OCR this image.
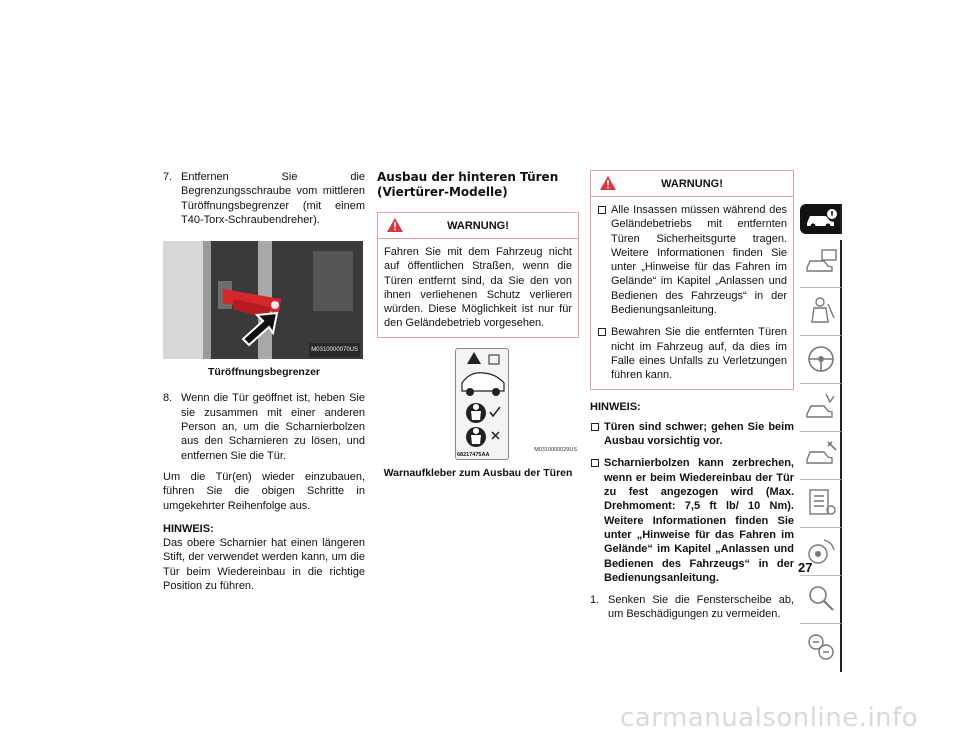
7. Entfernen Sie die Begrenzungsschraube vom mittleren Türöffnungsbegrenzer (mit einem T40-Torx-Schraubendreher).
M0310000070US
Türöffnungsbegrenzer
8. Wenn die Tür geöffnet ist, heben Sie sie zusammen mit einer anderen Person an, um die Scharnierbolzen aus den Scharnieren zu lösen, und entfernen Sie die Tür.

Um die Tür(en) wieder einzubauen, führen Sie die obigen Schritte in umgekehrter Reihenfolge aus.

HINWEIS:

Das obere Scharnier hat einen längeren Stift, der verwendet werden kann, um die Tür beim Wiedereinbau in die richtige Position zu führen.

Ausbau der hinteren Türen
(Viertürer-Modelle)
WARNUNG!
Fahren Sie mit dem Fahrzeug nicht auf öffentlichen Straßen, wenn die Türen entfernt sind, da Sie den von ihnen verliehenen Schutz verlieren würden. Diese Möglichkeit ist nur für den Geländebetrieb vorgesehen.
68217475AA
M0310000029US
Warnaufkleber zum Ausbau der Türen
WARNUNG!
Alle Insassen müssen während des Geländebetriebs mit entfernten Türen Sicherheitsgurte tragen. Weitere Informationen finden Sie unter „Hinweise für das Fahren im Gelände“ im Kapitel „Anlassen und Bedienen des Fahrzeugs“ in der Bedienungsanleitung.
Bewahren Sie die entfernten Türen nicht im Fahrzeug auf, da dies im Falle eines Unfalls zu Verletzungen führen kann.
HINWEIS:
Türen sind schwer; gehen Sie beim Ausbau vorsichtig vor.
Scharnierbolzen kann zerbrechen, wenn er beim Wiedereinbau der Tür zu fest angezogen wird (Max. Drehmoment: 7,5 ft lb/ 10 Nm). Weitere Informationen finden Sie unter „Hinweise für das Fahren im Gelände“ im Kapitel „Anlassen und Bedienen des Fahrzeugs“ in der Bedienungsanleitung.
1. Senken Sie die Fensterscheibe ab, um Beschädigungen zu vermeiden.
27
carmanualsonline.info
